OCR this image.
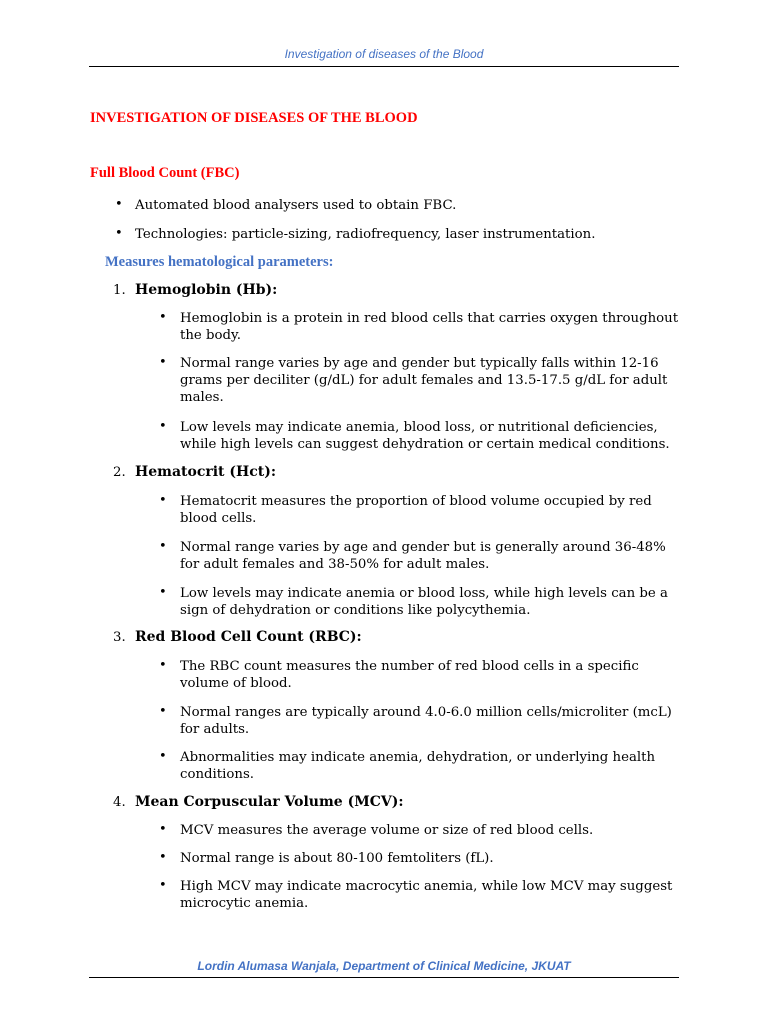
Investigation of diseases of the Blood
INVESTIGATION OF DISEASES OF THE BLOOD
Full Blood Count (FBC)
• Automated blood analysers used to obtain FBC.
• Technologies: particle-sizing, radiofrequency, laser instrumentation.
Measures hematological parameters:
1. Hemoglobin (Hb):
• Hemoglobin is a protein in red blood cells that carries oxygen throughout the body.
• Normal range varies by age and gender but typically falls within 12-16 grams per deciliter (g/dL) for adult females and 13.5-17.5 g/dL for adult males.
• Low levels may indicate anemia, blood loss, or nutritional deficiencies, while high levels can suggest dehydration or certain medical conditions.
2. Hematocrit (Hct):
• Hematocrit measures the proportion of blood volume occupied by red blood cells.
• Normal range varies by age and gender but is generally around 36-48% for adult females and 38-50% for adult males.
• Low levels may indicate anemia or blood loss, while high levels can be a sign of dehydration or conditions like polycythemia.
3. Red Blood Cell Count (RBC):
• The RBC count measures the number of red blood cells in a specific volume of blood.
• Normal ranges are typically around 4.0-6.0 million cells/microliter (mcL) for adults.
• Abnormalities may indicate anemia, dehydration, or underlying health conditions.
4. Mean Corpuscular Volume (MCV):
• MCV measures the average volume or size of red blood cells.
• Normal range is about 80-100 femtoliters (fL).
• High MCV may indicate macrocytic anemia, while low MCV may suggest microcytic anemia.
Lordin Alumasa Wanjala, Department of Clinical Medicine, JKUAT
